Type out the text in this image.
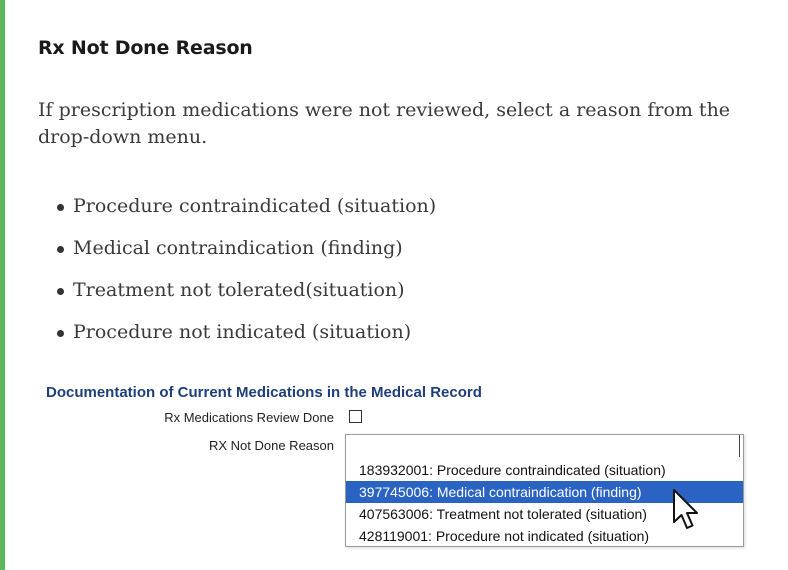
Rx Not Done Reason

If prescription medications were not reviewed, select a reason from the drop-down menu.

Procedure contraindicated (situation)
Medical contraindication (finding)
Treatment not tolerated(situation)
Procedure not indicated (situation)
Documentation of Current Medications in the Medical Record
Rx Medications Review Done
RX Not Done Reason
183932001: Procedure contraindicated (situation)
397745006: Medical contraindication (finding)
407563006: Treatment not tolerated (situation)
428119001: Procedure not indicated (situation)
